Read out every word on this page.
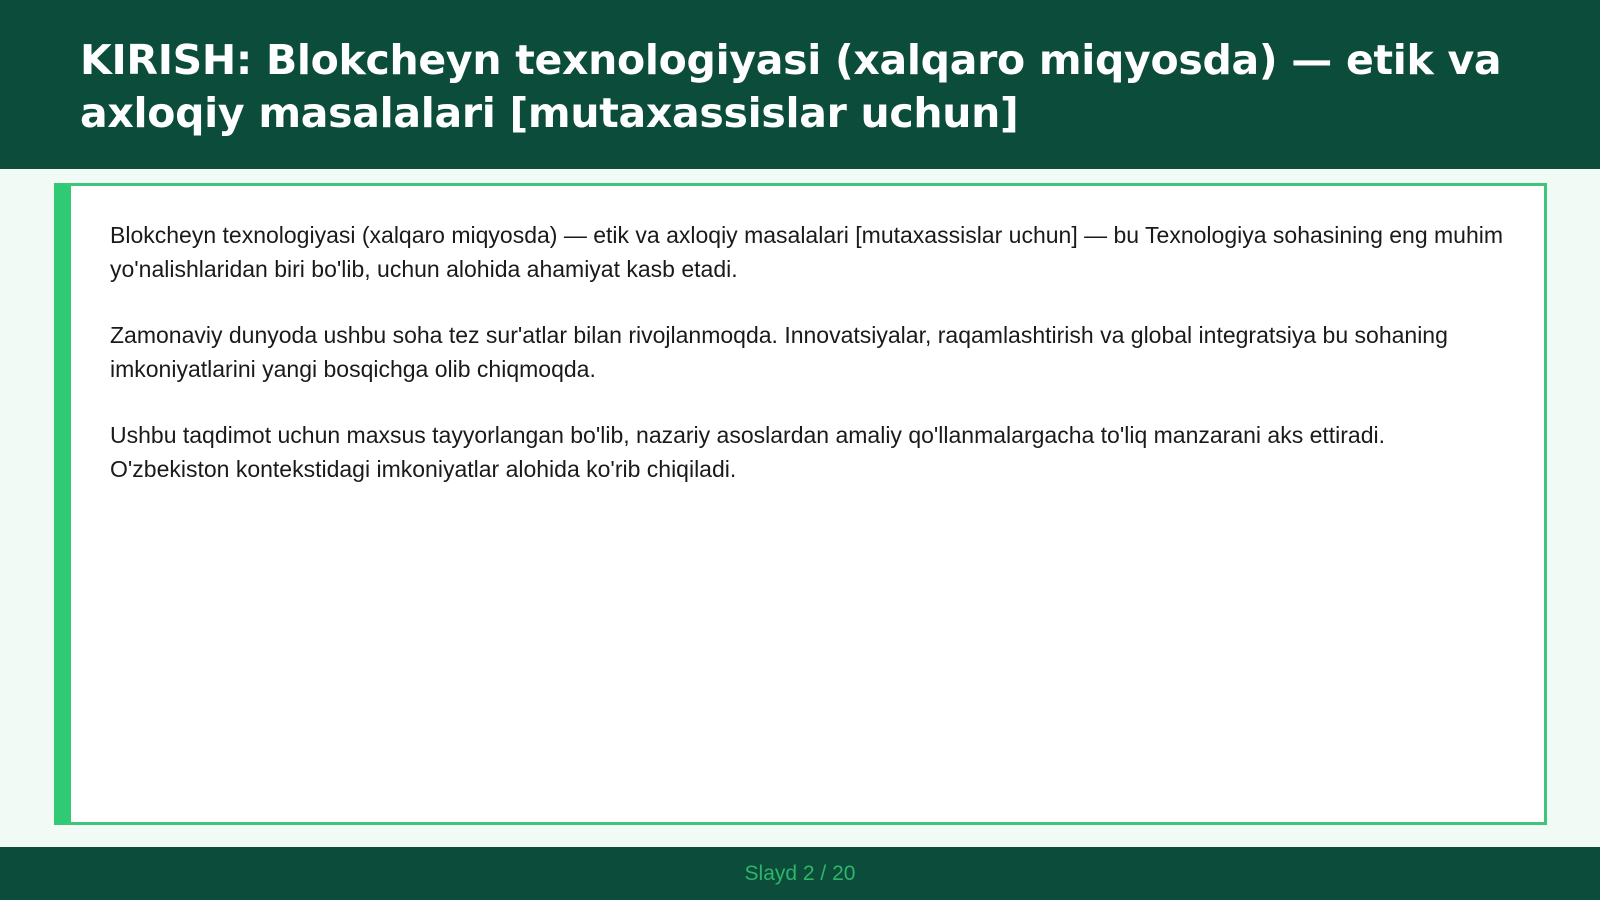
KIRISH: Blokcheyn texnologiyasi (xalqaro miqyosda) — etik va axloqiy masalalari [mutaxassislar uchun]

Blokcheyn texnologiyasi (xalqaro miqyosda) — etik va axloqiy masalalari [mutaxassislar uchun] — bu Texnologiya sohasining eng muhim yo'nalishlaridan biri bo'lib, uchun alohida ahamiyat kasb etadi.

Zamonaviy dunyoda ushbu soha tez sur'atlar bilan rivojlanmoqda. Innovatsiyalar, raqamlashtirish va global integratsiya bu sohaning imkoniyatlarini yangi bosqichga olib chiqmoqda.

Ushbu taqdimot uchun maxsus tayyorlangan bo'lib, nazariy asoslardan amaliy qo'llanmalargacha to'liq manzarani aks ettiradi. O'zbekiston kontekstidagi imkoniyatlar alohida ko'rib chiqiladi.

Slayd 2 / 20
